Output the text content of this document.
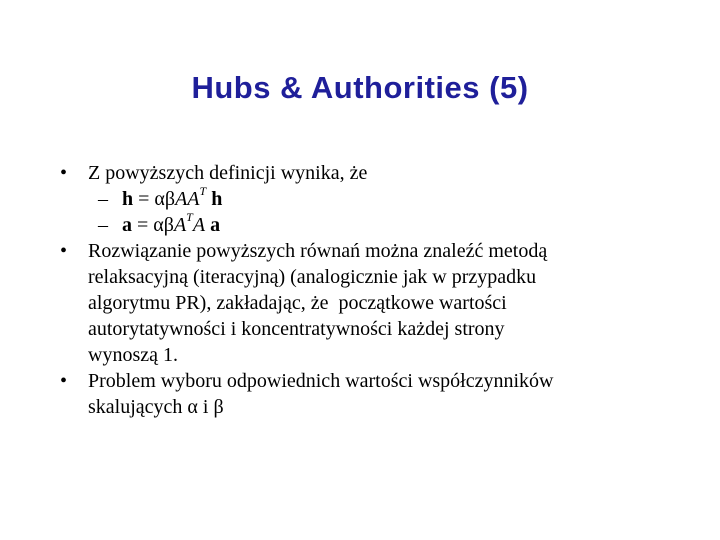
Hubs & Authorities (5)
•	Z powyższych definicji wynika, że
– h = αβAA$^T$ h
– a = αβA$^T$A a
•	Rozwiązanie powyższych równań można znaleźć metodą
relaksacyjną (iteracyjną) (analogicznie jak w przypadku
algorytmu PR), zakładając, że  początkowe wartości
autorytatywności i koncentratywności każdej strony
wynoszą 1.
•	Problem wyboru odpowiednich wartości współczynników
skalujących α i β
